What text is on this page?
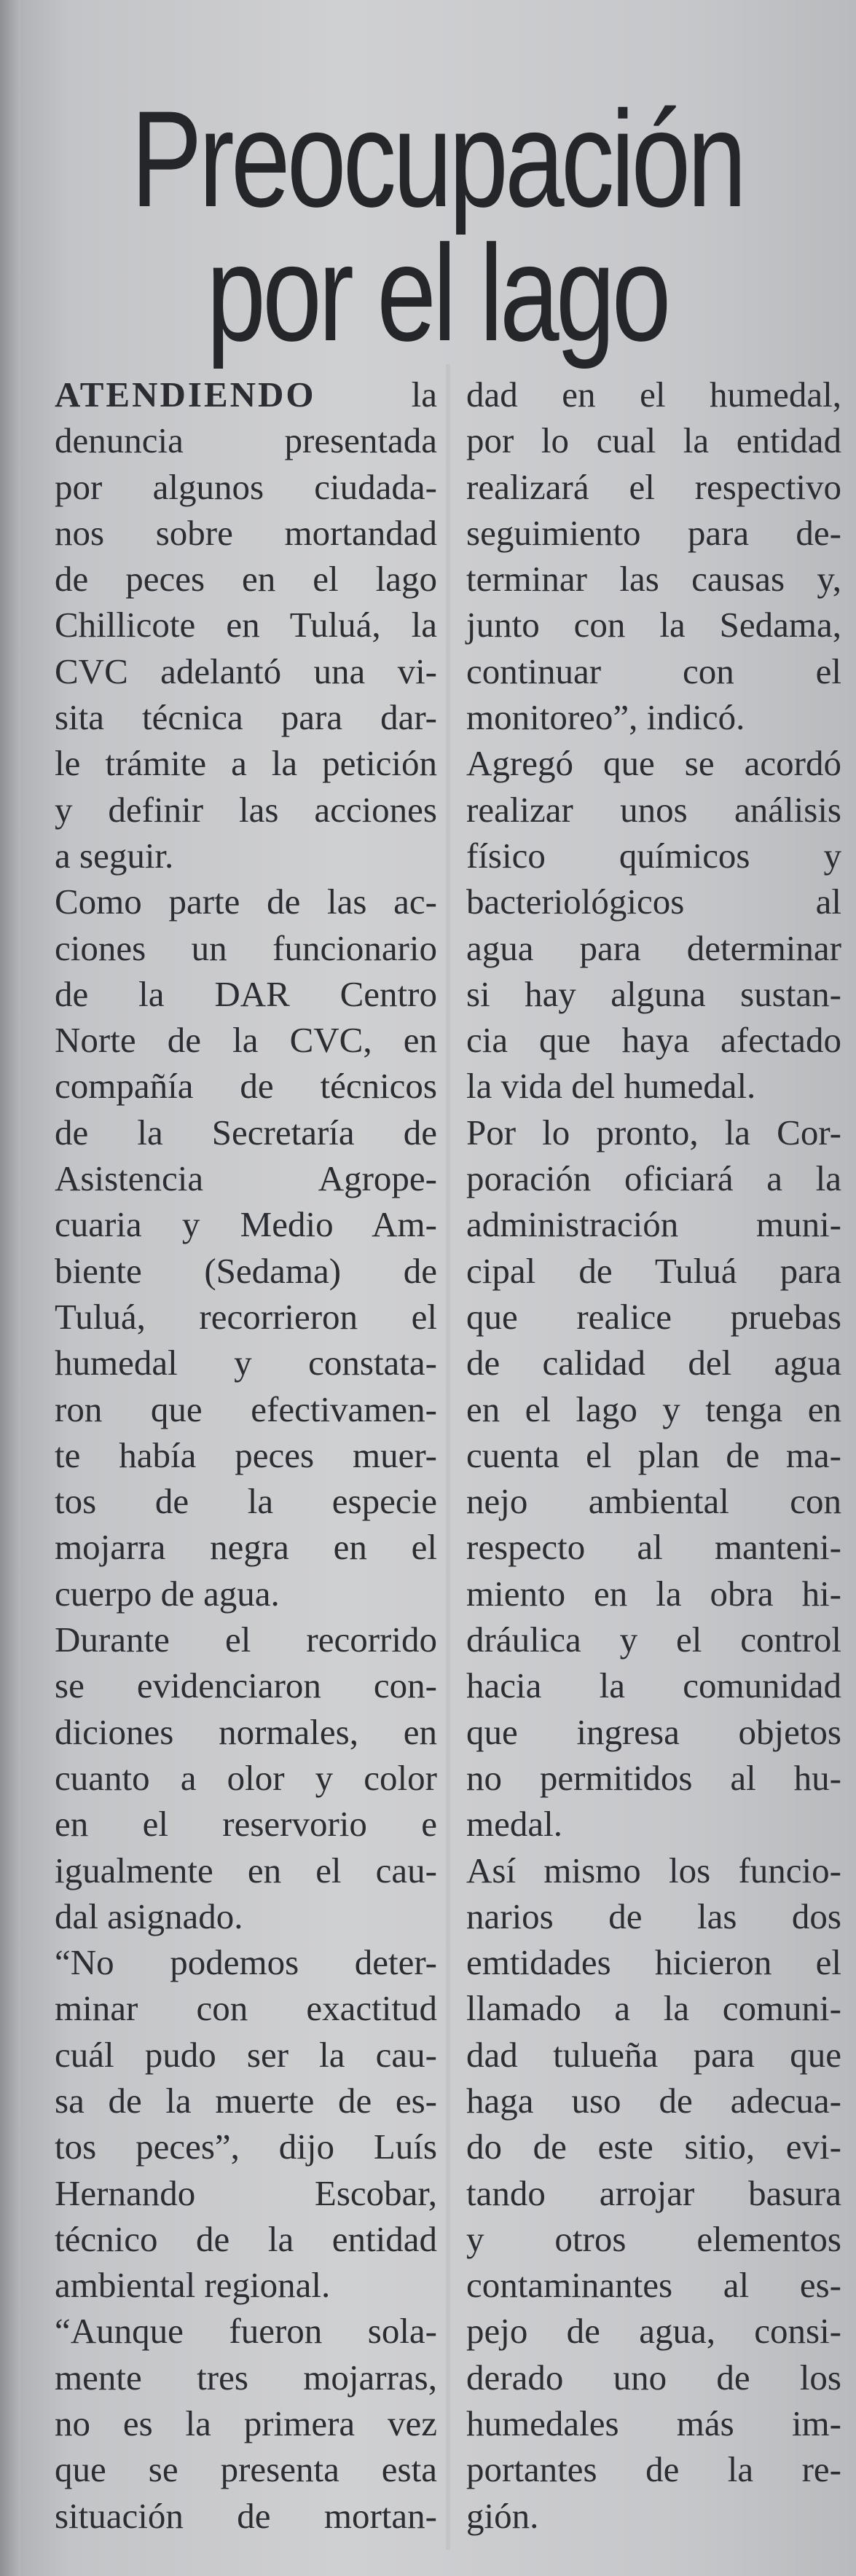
Preocupación
por el lago
ATENDIENDO la
denuncia presentada
por algunos ciudada-
nos sobre mortandad
de peces en el lago
Chillicote en Tuluá, la
CVC adelantó una vi-
sita técnica para dar-
le trámite a la petición
y definir las acciones
a seguir.
Como parte de las ac-
ciones un funcionario
de la DAR Centro
Norte de la CVC, en
compañía de técnicos
de la Secretaría de
Asistencia Agrope-
cuaria y Medio Am-
biente (Sedama) de
Tuluá, recorrieron el
humedal y constata-
ron que efectivamen-
te había peces muer-
tos de la especie
mojarra negra en el
cuerpo de agua.
Durante el recorrido
se evidenciaron con-
diciones normales, en
cuanto a olor y color
en el reservorio e
igualmente en el cau-
dal asignado.
“No podemos deter-
minar con exactitud
cuál pudo ser la cau-
sa de la muerte de es-
tos peces”, dijo Luís
Hernando Escobar,
técnico de la entidad
ambiental regional.
“Aunque fueron sola-
mente tres mojarras,
no es la primera vez
que se presenta esta
situación de mortan-
dad en el humedal,
por lo cual la entidad
realizará el respectivo
seguimiento para de-
terminar las causas y,
junto con la Sedama,
continuar con el
monitoreo”, indicó.
Agregó que se acordó
realizar unos análisis
físico químicos y
bacteriológicos al
agua para determinar
si hay alguna sustan-
cia que haya afectado
la vida del humedal.
Por lo pronto, la Cor-
poración oficiará a la
administración muni-
cipal de Tuluá para
que realice pruebas
de calidad del agua
en el lago y tenga en
cuenta el plan de ma-
nejo ambiental con
respecto al manteni-
miento en la obra hi-
dráulica y el control
hacia la comunidad
que ingresa objetos
no permitidos al hu-
medal.
Así mismo los funcio-
narios de las dos
emtidades hicieron el
llamado a la comuni-
dad tulueña para que
haga uso de adecua-
do de este sitio, evi-
tando arrojar basura
y otros elementos
contaminantes al es-
pejo de agua, consi-
derado uno de los
humedales más im-
portantes de la re-
gión.
